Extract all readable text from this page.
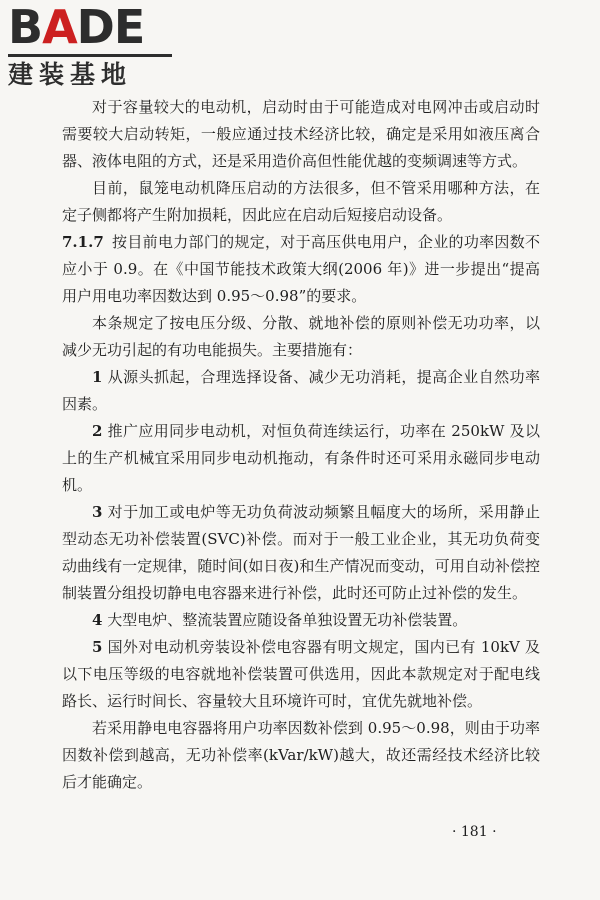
BADE
建装基地

对于容量较大的电动机，启动时由于可能造成对电网冲击或启动时需要较大启动转矩，一般应通过技术经济比较，确定是采用如液压离合器、液体电阻的方式，还是采用造价高但性能优越的变频调速等方式。

目前，鼠笼电动机降压启动的方法很多，但不管采用哪种方法，在定子侧都将产生附加损耗，因此应在启动后短接启动设备。

7.1.7 按目前电力部门的规定，对于高压供电用户，企业的功率因数不应小于 0.9。在《中国节能技术政策大纲(2006 年)》进一步提出“提高用户用电功率因数达到 0.95～0.98”的要求。

本条规定了按电压分级、分散、就地补偿的原则补偿无功功率，以减少无功引起的有功电能损失。主要措施有：

1 从源头抓起，合理选择设备、减少无功消耗，提高企业自然功率因素。

2 推广应用同步电动机，对恒负荷连续运行，功率在 250kW 及以上的生产机械宜采用同步电动机拖动，有条件时还可采用永磁同步电动机。

3 对于加工或电炉等无功负荷波动频繁且幅度大的场所，采用静止型动态无功补偿装置(SVC)补偿。而对于一般工业企业，其无功负荷变动曲线有一定规律，随时间(如日夜)和生产情况而变动，可用自动补偿控制装置分组投切静电电容器来进行补偿，此时还可防止过补偿的发生。

4 大型电炉、整流装置应随设备单独设置无功补偿装置。

5 国外对电动机旁装设补偿电容器有明文规定，国内已有 10kV 及以下电压等级的电容就地补偿装置可供选用，因此本款规定对于配电线路长、运行时间长、容量较大且环境许可时，宜优先就地补偿。

若采用静电电容器将用户功率因数补偿到 0.95～0.98，则由于功率因数补偿到越高，无功补偿率(kVar/kW)越大，故还需经技术经济比较后才能确定。

· 181 ·
